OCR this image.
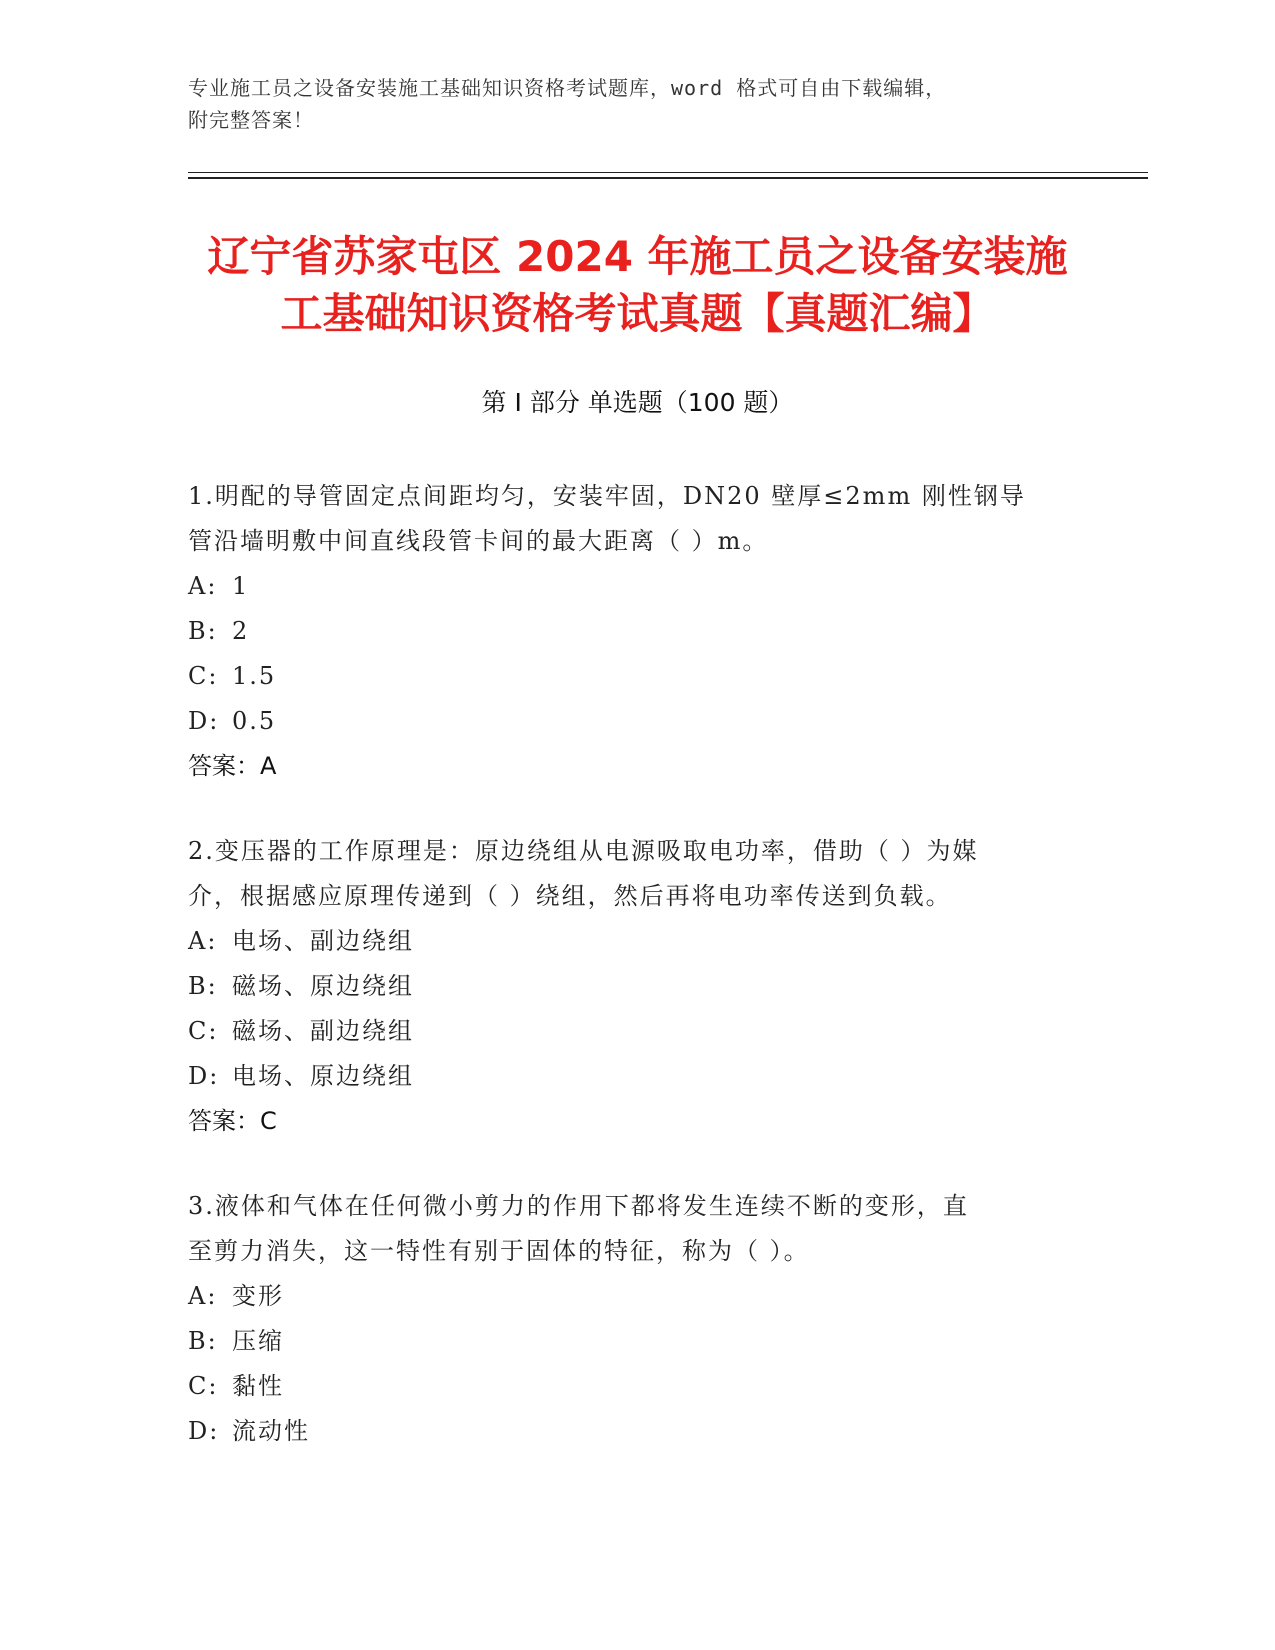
专业施工员之设备安装施工基础知识资格考试题库，word 格式可自由下载编辑，
附完整答案！
辽宁省苏家屯区 2024 年施工员之设备安装施
工基础知识资格考试真题【真题汇编】
第 I 部分 单选题（100 题）

1.明配的导管固定点间距均匀，安装牢固，DN20 壁厚≤2mm 刚性钢导

管沿墙明敷中间直线段管卡间的最大距离（ ）m。

A: 1

B: 2

C: 1.5

D: 0.5

答案：A

2.变压器的工作原理是：原边绕组从电源吸取电功率，借助（ ）为媒

介，根据感应原理传递到（ ）绕组，然后再将电功率传送到负载。

A: 电场、副边绕组

B: 磁场、原边绕组

C: 磁场、副边绕组

D: 电场、原边绕组

答案：C

3.液体和气体在任何微小剪力的作用下都将发生连续不断的变形，直

至剪力消失，这一特性有别于固体的特征，称为（ ）。

A: 变形

B: 压缩

C: 黏性

D: 流动性
